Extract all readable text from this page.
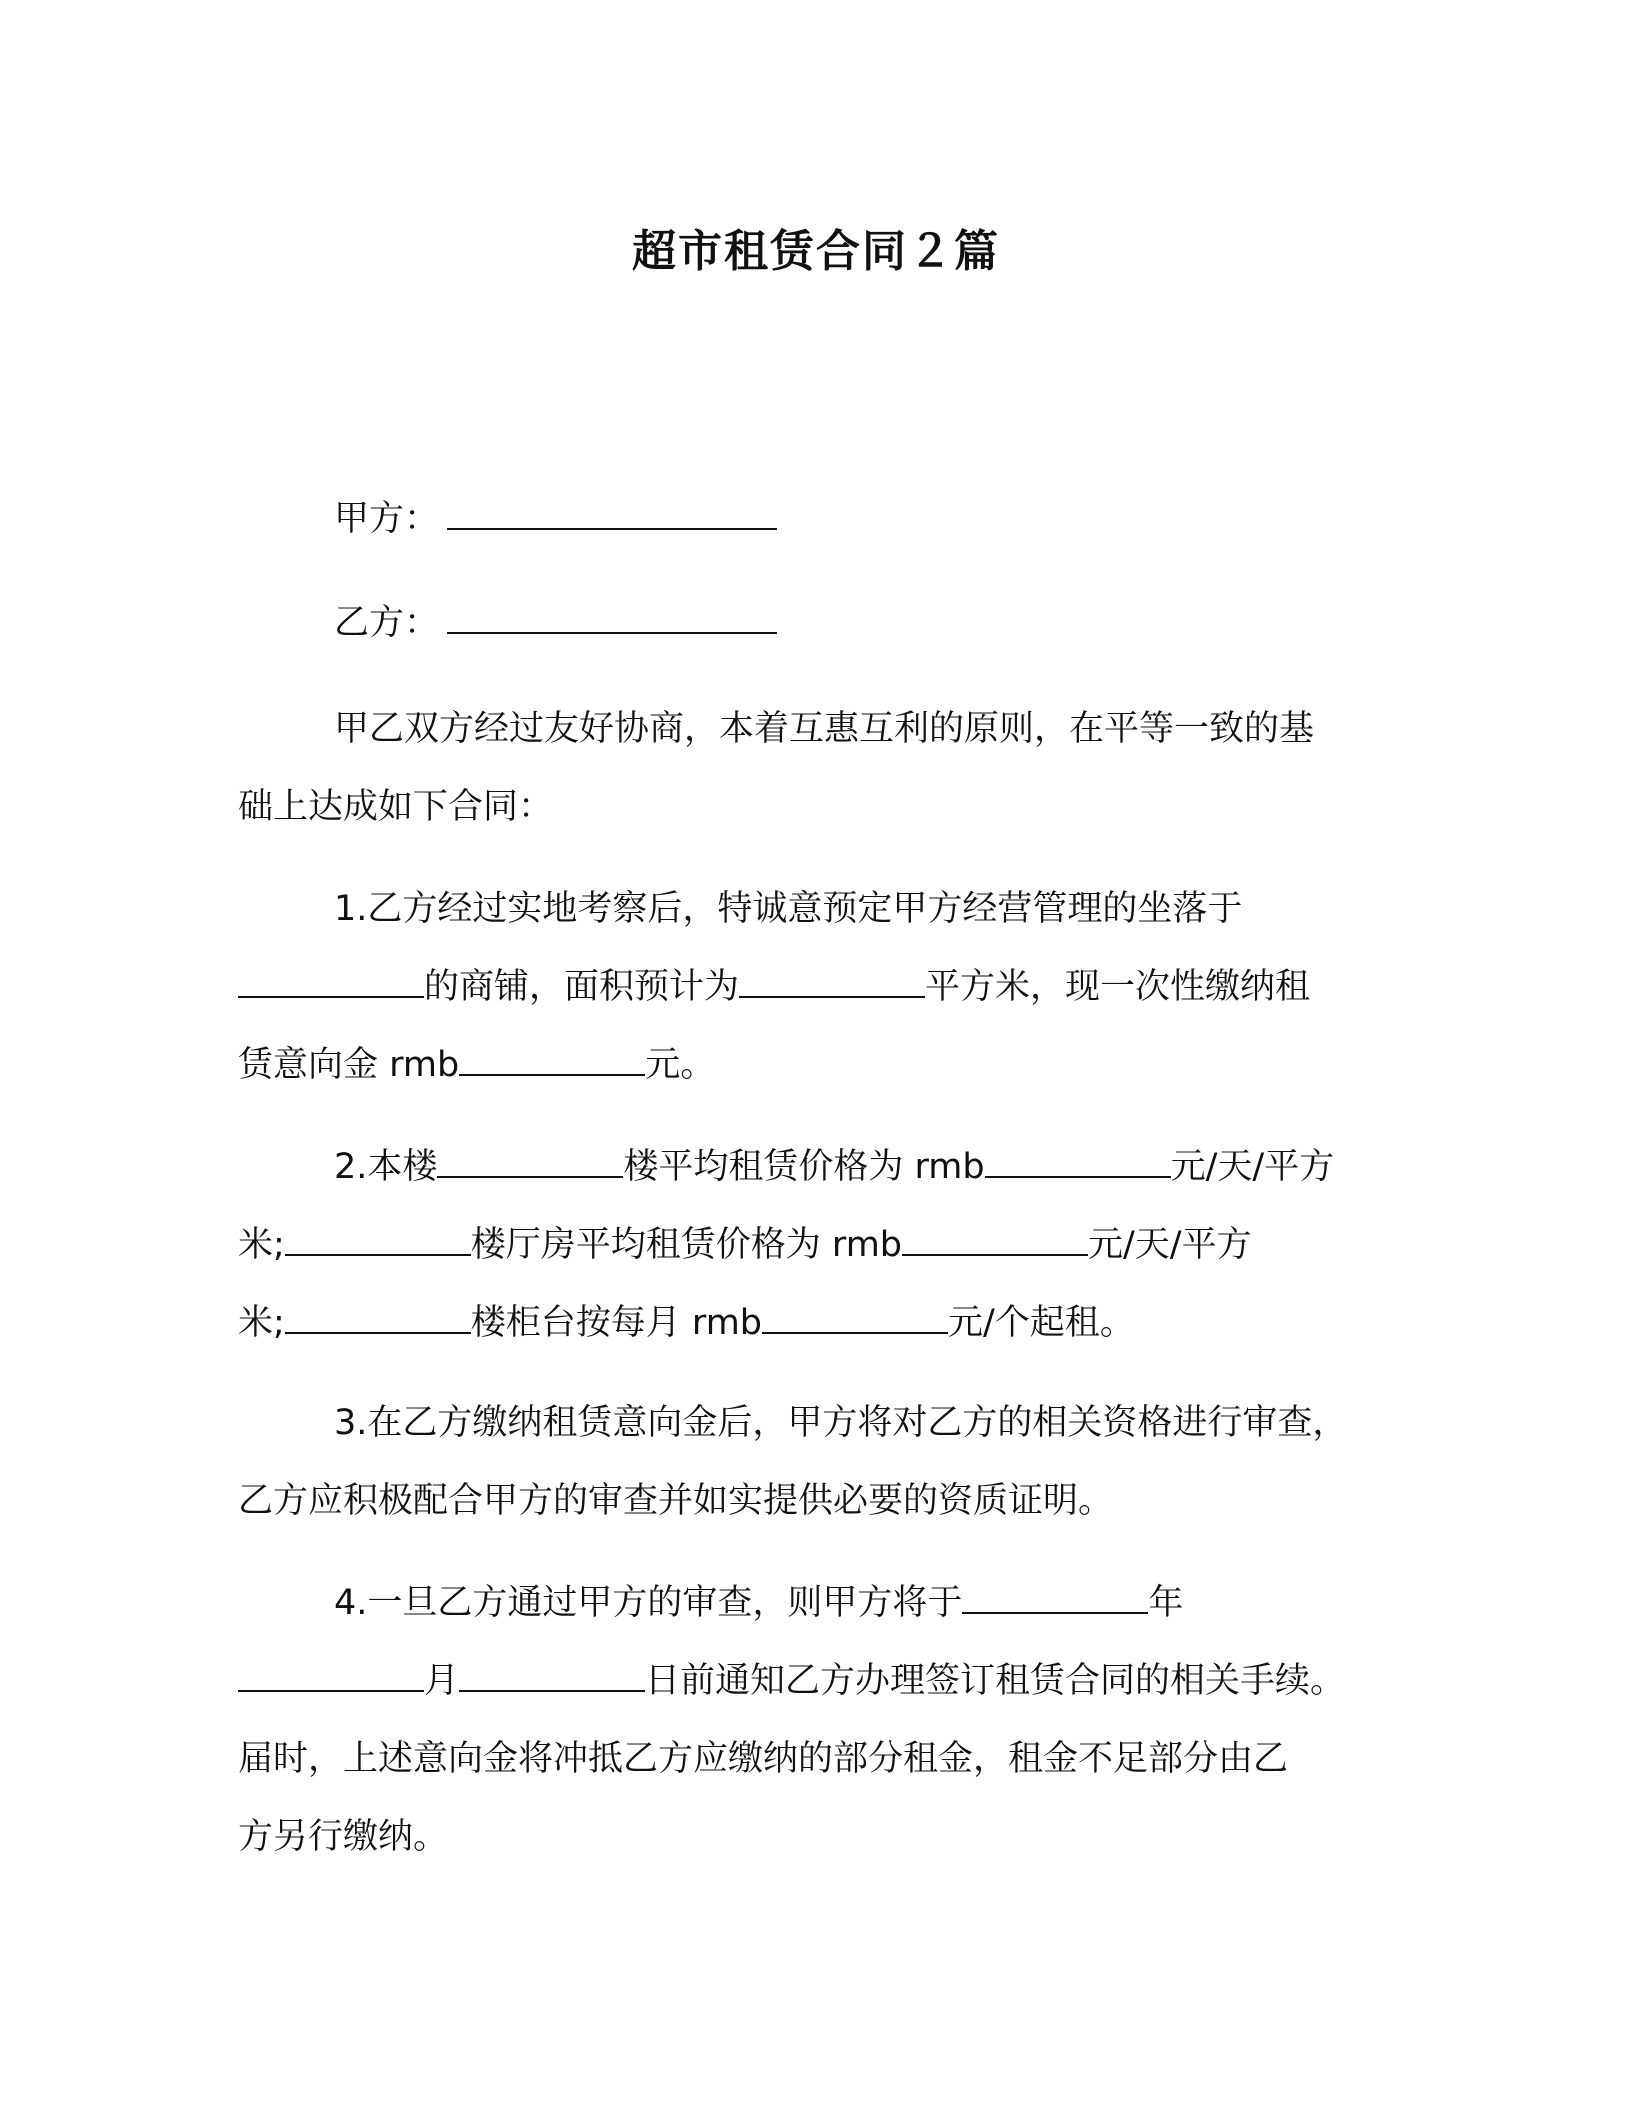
超市租赁合同２篇
甲方：
乙方：
甲乙双方经过友好协商，本着互惠互利的原则，在平等一致的基
础上达成如下合同：
1.乙方经过实地考察后，特诚意预定甲方经营管理的坐落于
的商铺，面积预计为	平方米，现一次性缴纳租
赁意向金 rmb	元。
2.本楼	楼平均租赁价格为 rmb	元/天/平方
米;	楼厅房平均租赁价格为 rmb	元/天/平方
米;	楼柜台按每月 rmb	元/个起租。
3.在乙方缴纳租赁意向金后，甲方将对乙方的相关资格进行审查，
乙方应积极配合甲方的审查并如实提供必要的资质证明。
4.一旦乙方通过甲方的审查，则甲方将于	年
月	日前通知乙方办理签订租赁合同的相关手续。
届时，上述意向金将冲抵乙方应缴纳的部分租金，租金不足部分由乙
方另行缴纳。
